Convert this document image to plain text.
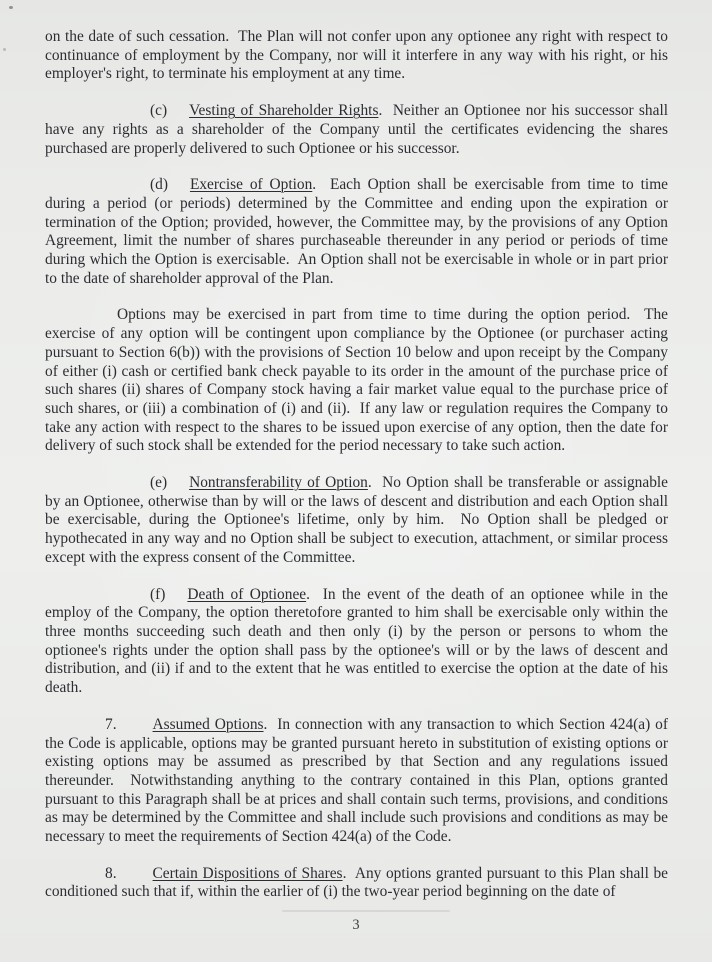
on the date of such cessation.  The Plan will not confer upon any optionee any right with respect to continuance of employment by the Company, nor will it interfere in any way with his right, or his employer's right, to terminate his employment at any time.

(c) Vesting of Shareholder Rights.  Neither an Optionee nor his successor shall have any rights as a shareholder of the Company until the certificates evidencing the shares purchased are properly delivered to such Optionee or his successor.

(d) Exercise of Option.  Each Option shall be exercisable from time to time during a period (or periods) determined by the Committee and ending upon the expiration or termination of the Option; provided, however, the Committee may, by the provisions of any Option Agreement, limit the number of shares purchaseable thereunder in any period or periods of time during which the Option is exercisable.  An Option shall not be exercisable in whole or in part prior to the date of shareholder approval of the Plan.

Options may be exercised in part from time to time during the option period.  The exercise of any option will be contingent upon compliance by the Optionee (or purchaser acting pursuant to Section 6(b)) with the provisions of Section 10 below and upon receipt by the Company of either (i) cash or certified bank check payable to its order in the amount of the purchase price of such shares (ii) shares of Company stock having a fair market value equal to the purchase price of such shares, or (iii) a combination of (i) and (ii).  If any law or regulation requires the Company to take any action with respect to the shares to be issued upon exercise of any option, then the date for delivery of such stock shall be extended for the period necessary to take such action.

(e) Nontransferability of Option.  No Option shall be transferable or assignable by an Optionee, otherwise than by will or the laws of descent and distribution and each Option shall be exercisable, during the Optionee's lifetime, only by him.  No Option shall be pledged or hypothecated in any way and no Option shall be subject to execution, attachment, or similar process except with the express consent of the Committee.

(f) Death of Optionee.  In the event of the death of an optionee while in the employ of the Company, the option theretofore granted to him shall be exercisable only within the three months succeeding such death and then only (i) by the person or persons to whom the optionee's rights under the option shall pass by the optionee's will or by the laws of descent and distribution, and (ii) if and to the extent that he was entitled to exercise the option at the date of his death.

7. Assumed Options.  In connection with any transaction to which Section 424(a) of the Code is applicable, options may be granted pursuant hereto in substitution of existing options or existing options may be assumed as prescribed by that Section and any regulations issued thereunder.  Notwithstanding anything to the contrary contained in this Plan, options granted pursuant to this Paragraph shall be at prices and shall contain such terms, provisions, and conditions as may be determined by the Committee and shall include such provisions and conditions as may be necessary to meet the requirements of Section 424(a) of the Code.

8. Certain Dispositions of Shares.  Any options granted pursuant to this Plan shall be conditioned such that if, within the earlier of (i) the two-year period beginning on the date of

3
